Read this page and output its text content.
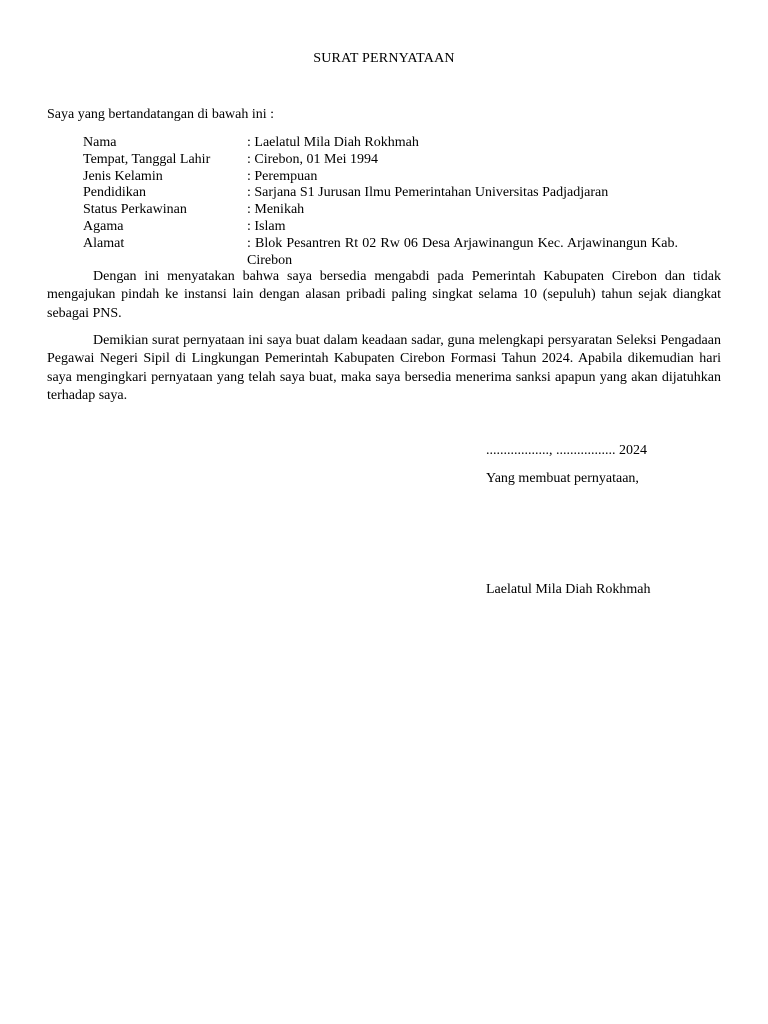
SURAT PERNYATAAN
Saya yang bertandatangan di bawah ini :
Nama	: Laelatul Mila Diah Rokhmah
Tempat, Tanggal Lahir	: Cirebon, 01 Mei 1994
Jenis Kelamin	: Perempuan
Pendidikan	: Sarjana S1 Jurusan Ilmu Pemerintahan Universitas Padjadjaran
Status Perkawinan	: Menikah
Agama	: Islam
Alamat	: Blok Pesantren Rt 02 Rw 06 Desa Arjawinangun Kec. Arjawinangun Kab. Cirebon

Dengan ini menyatakan bahwa saya bersedia mengabdi pada Pemerintah Kabupaten Cirebon dan tidak mengajukan pindah ke instansi lain dengan alasan pribadi paling singkat selama 10 (sepuluh) tahun sejak diangkat sebagai PNS.

Demikian surat pernyataan ini saya buat dalam keadaan sadar, guna melengkapi persyaratan Seleksi Pengadaan Pegawai Negeri Sipil di Lingkungan Pemerintah Kabupaten Cirebon Formasi Tahun 2024. Apabila dikemudian hari saya mengingkari pernyataan yang telah saya buat, maka saya bersedia menerima sanksi apapun yang akan dijatuhkan terhadap saya.

.................., ................. 2024
Yang membuat pernyataan,
Laelatul Mila Diah Rokhmah
